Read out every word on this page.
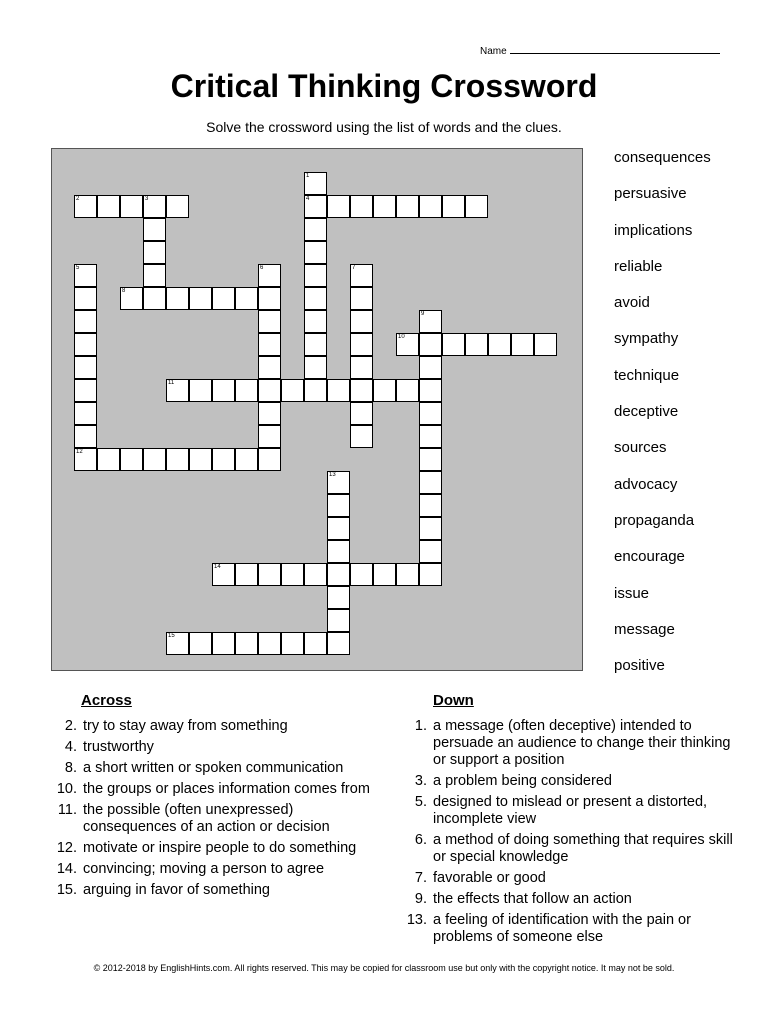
Name
Critical Thinking Crossword
Solve the crossword using the list of words and the clues.
2	3	4
1
5
12
6	7
8
9
10
11
13
14
15
consequences
persuasive
implications
reliable
avoid
sympathy
technique
deceptive
sources
advocacy
propaganda
encourage
issue
message
positive
Across	Down
2. try to stay away from something
4. trustworthy
8. a short written or spoken communication
10. the groups or places information comes from
11. the possible (often unexpressed) consequences of an action or decision
12. motivate or inspire people to do something
14. convincing; moving a person to agree
15. arguing in favor of something
1. a message (often deceptive) intended to persuade an audience to change their thinking or support a position
3. a problem being considered
5. designed to mislead or present a distorted, incomplete view
6. a method of doing something that requires skill or special knowledge
7. favorable or good
9. the effects that follow an action
13. a feeling of identification with the pain or problems of someone else
© 2012-2018 by EnglishHints.com. All rights reserved. This may be copied for classroom use but only with the copyright notice. It may not be sold.
